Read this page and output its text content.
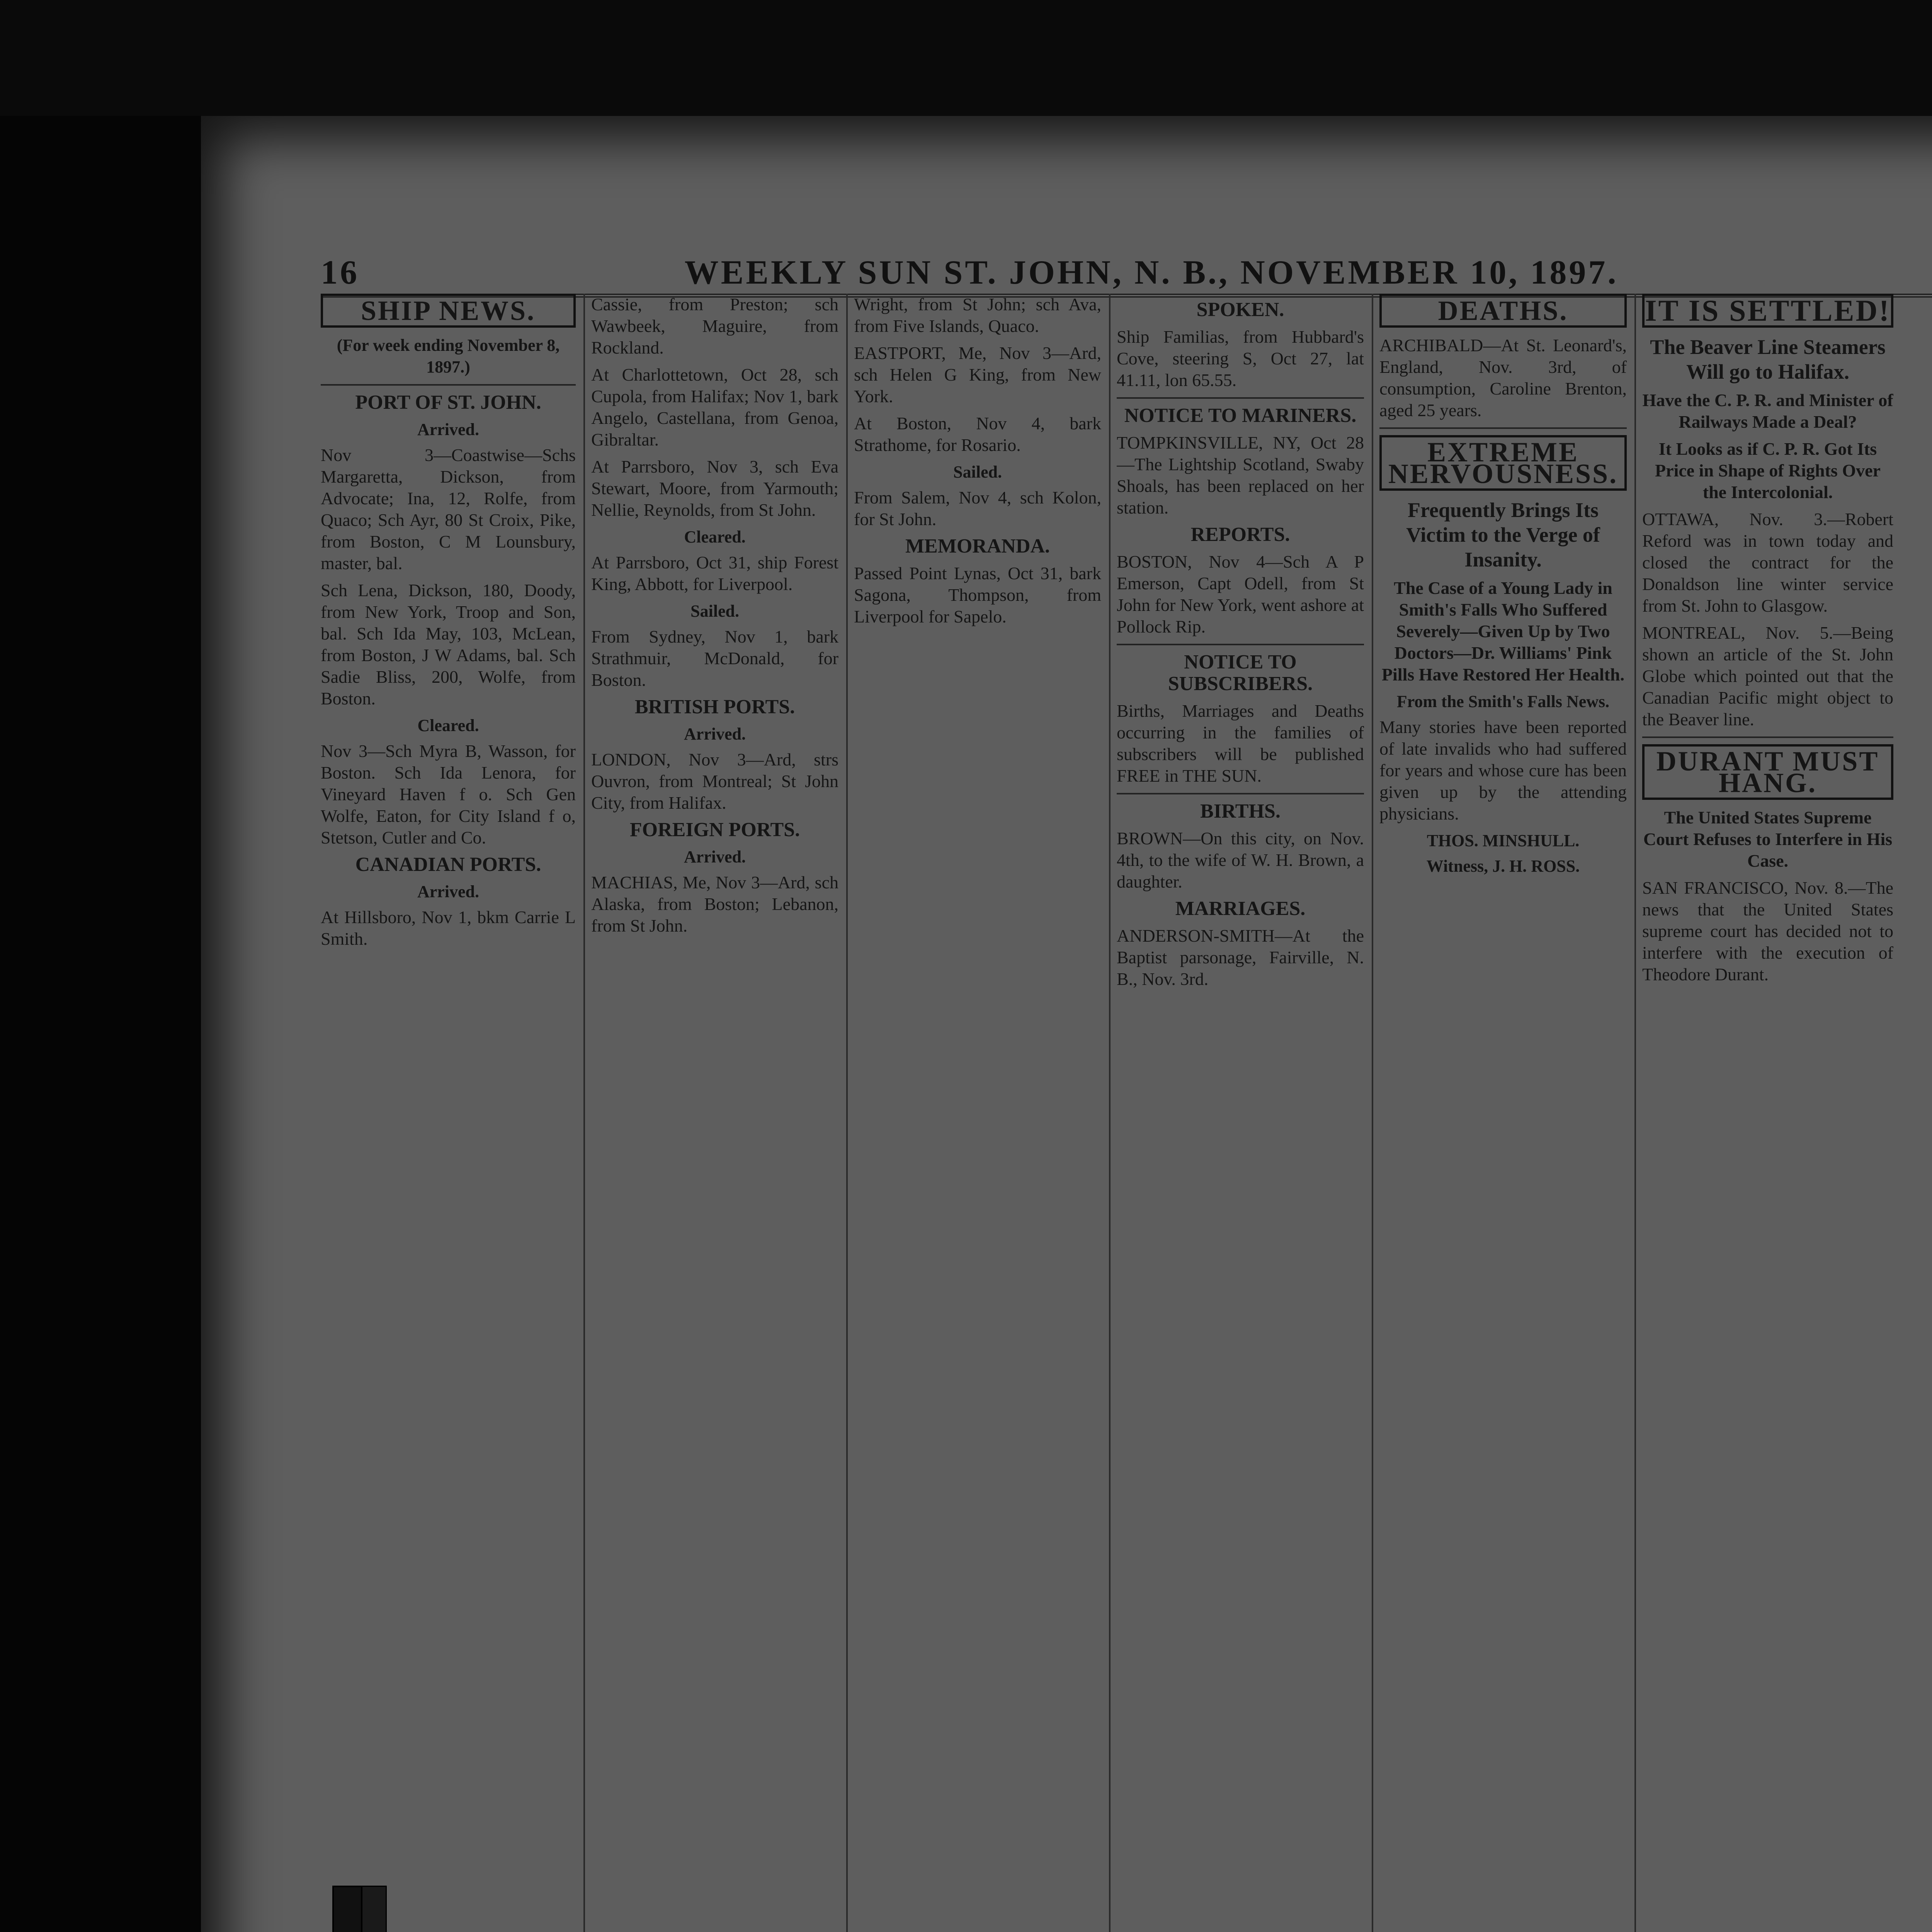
16	WEEKLY SUN ST. JOHN, N. B., NOVEMBER 10, 1897.
SHIP NEWS.
(For week ending November 8, 1897.)
PORT OF ST. JOHN.
Arrived.

Nov 3—Coastwise—Schs Margaretta, Dickson, from Advocate; Ina, 12, Rolfe, from Quaco; Sch Ayr, 80 St Croix, Pike, from Boston, C M Lounsbury, master, bal.

Sch Lena, Dickson, 180, Doody, from New York, Troop and Son, bal. Sch Ida May, 103, McLean, from Boston, J W Adams, bal. Sch Sadie Bliss, 200, Wolfe, from Boston.

Cleared.

Nov 3—Sch Myra B, Wasson, for Boston. Sch Ida Lenora, for Vineyard Haven f o. Sch Gen Wolfe, Eaton, for City Island f o, Stetson, Cutler and Co.

CANADIAN PORTS.
Arrived.

At Hillsboro, Nov 1, bkm Carrie L Smith.

Cassie, from Preston; sch Wawbeek, Maguire, from Rockland.

At Charlottetown, Oct 28, sch Cupola, from Halifax; Nov 1, bark Angelo, Castellana, from Genoa, Gibraltar.

At Parrsboro, Nov 3, sch Eva Stewart, Moore, from Yarmouth; Nellie, Reynolds, from St John.

Cleared.

At Parrsboro, Oct 31, ship Forest King, Abbott, for Liverpool.

Sailed.

From Sydney, Nov 1, bark Strathmuir, McDonald, for Boston.

BRITISH PORTS.
Arrived.

LONDON, Nov 3—Ard, strs Ouvron, from Montreal; St John City, from Halifax.

FOREIGN PORTS.
Arrived.

MACHIAS, Me, Nov 3—Ard, sch Alaska, from Boston; Lebanon, from St John.

Wright, from St John; sch Ava, from Five Islands, Quaco.

EASTPORT, Me, Nov 3—Ard, sch Helen G King, from New York.

At Boston, Nov 4, bark Strathome, for Rosario.

Sailed.

From Salem, Nov 4, sch Kolon, for St John.

MEMORANDA.

Passed Point Lynas, Oct 31, bark Sagona, Thompson, from Liverpool for Sapelo.

SPOKEN.

Ship Familias, from Hubbard's Cove, steering S, Oct 27, lat 41.11, lon 65.55.

NOTICE TO MARINERS.

TOMPKINSVILLE, NY, Oct 28—The Lightship Scotland, Swaby Shoals, has been replaced on her station.

REPORTS.

BOSTON, Nov 4—Sch A P Emerson, Capt Odell, from St John for New York, went ashore at Pollock Rip.

NOTICE TO SUBSCRIBERS.

Births, Marriages and Deaths occurring in the families of subscribers will be published FREE in THE SUN.

BIRTHS.

BROWN—On this city, on Nov. 4th, to the wife of W. H. Brown, a daughter.

MARRIAGES.

ANDERSON-SMITH—At the Baptist parsonage, Fairville, N. B., Nov. 3rd.

DEATHS.

ARCHIBALD—At St. Leonard's, England, Nov. 3rd, of consumption, Caroline Brenton, aged 25 years.

EXTREME NERVOUSNESS.
Frequently Brings Its Victim to the Verge of Insanity.
The Case of a Young Lady in Smith's Falls Who Suffered Severely—Given Up by Two Doctors—Dr. Williams' Pink Pills Have Restored Her Health.
From the Smith's Falls News.

Many stories have been reported of late invalids who had suffered for years and whose cure has been given up by the attending physicians.

THOS. MINSHULL.
Witness, J. H. ROSS.
IT IS SETTLED!
The Beaver Line Steamers Will go to Halifax.
Have the C. P. R. and Minister of Railways Made a Deal?
It Looks as if C. P. R. Got Its Price in Shape of Rights Over the Intercolonial.

OTTAWA, Nov. 3.—Robert Reford was in town today and closed the contract for the Donaldson line winter service from St. John to Glasgow.

MONTREAL, Nov. 5.—Being shown an article of the St. John Globe which pointed out that the Canadian Pacific might object to the Beaver line.

DURANT MUST HANG.
The United States Supreme Court Refuses to Interfere in His Case.

SAN FRANCISCO, Nov. 8.—The news that the United States supreme court has decided not to interfere with the execution of Theodore Durant.
